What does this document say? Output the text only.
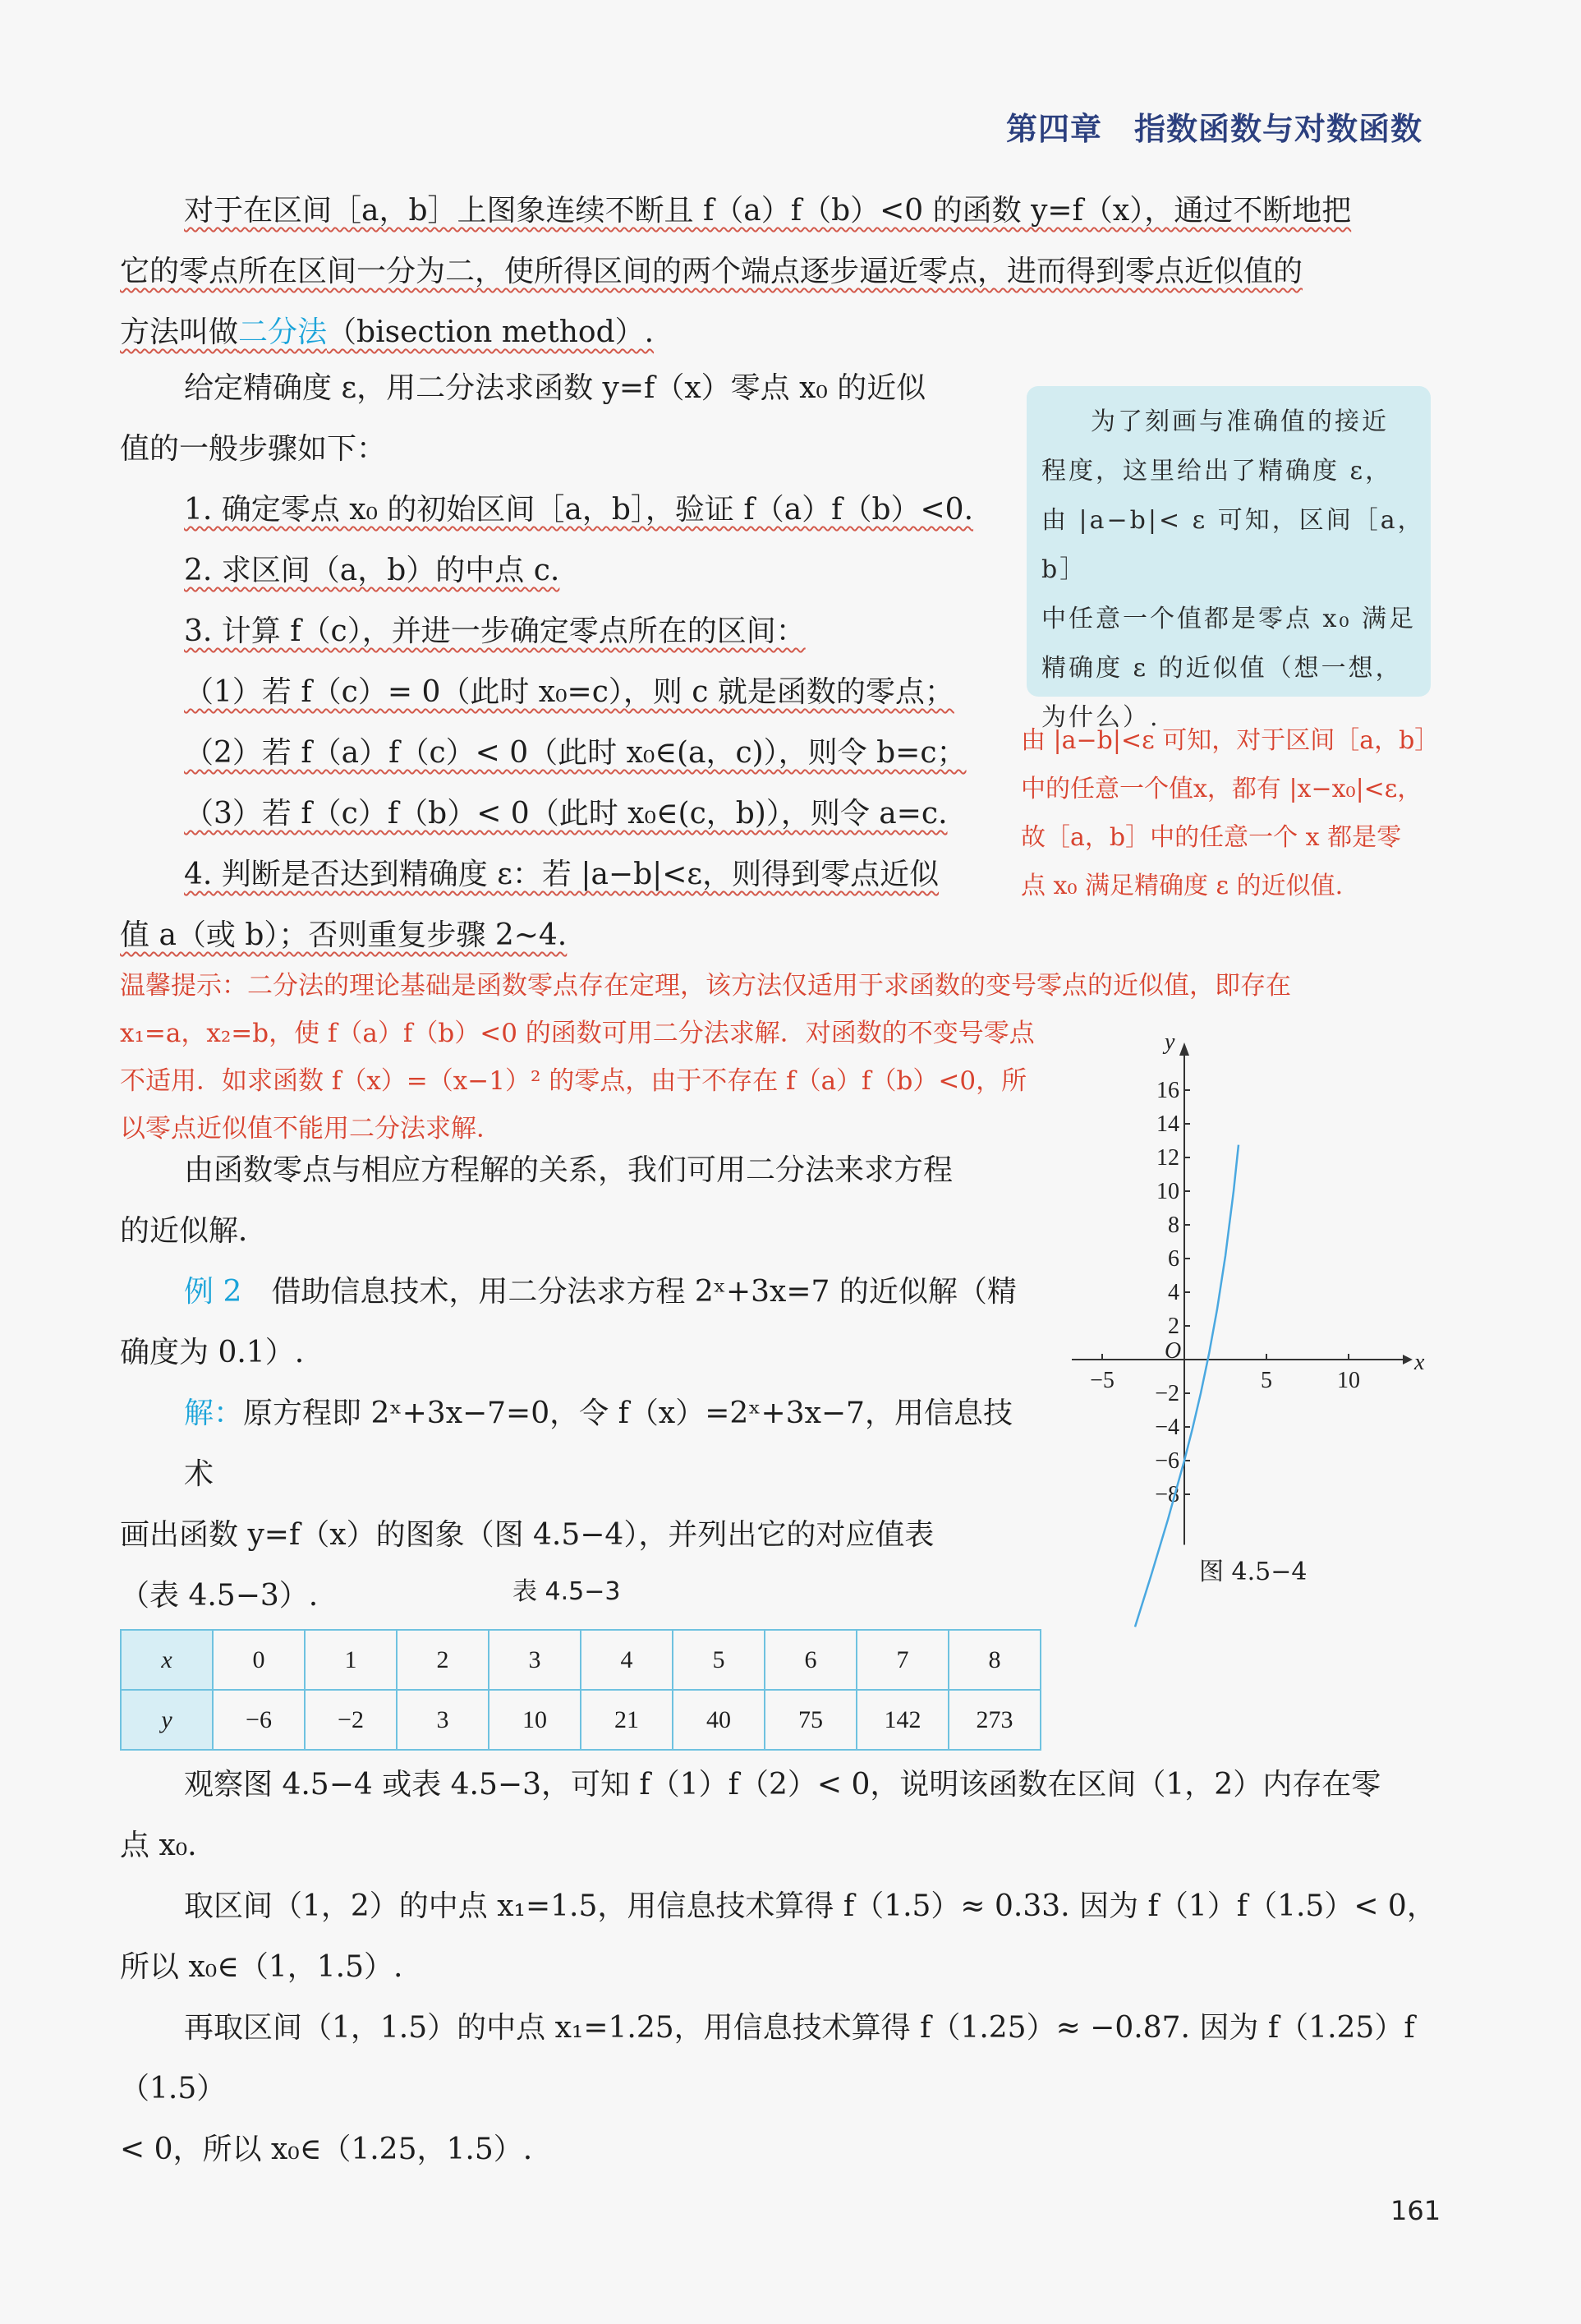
第四章　指数函数与对数函数
对于在区间［a，b］上图象连续不断且 f（a）f（b）<0 的函数 y=f（x），通过不断地把
它的零点所在区间一分为二，使所得区间的两个端点逐步逼近零点，进而得到零点近似值的
方法叫做二分法（bisection method）.
给定精确度 ε，用二分法求函数 y=f（x）零点 x₀ 的近似
值的一般步骤如下：
1. 确定零点 x₀ 的初始区间［a，b］，验证 f（a）f（b）<0.
2. 求区间（a，b）的中点 c.
3. 计算 f（c），并进一步确定零点所在的区间：
（1）若 f（c）= 0（此时 x₀=c），则 c 就是函数的零点；
（2）若 f（a）f（c）< 0（此时 x₀∈(a，c)），则令 b=c；
（3）若 f（c）f（b）< 0（此时 x₀∈(c，b)），则令 a=c.
4. 判断是否达到精确度 ε：若 |a−b|<ε，则得到零点近似
值 a（或 b）；否则重复步骤 2~4.
为了刻画与准确值的接近
程度，这里给出了精确度 ε，
由 |a−b|< ε 可知，区间［a，b］
中任意一个值都是零点 x₀ 满足
精确度 ε 的近似值（想一想，
为什么）.
由 |a−b|<ε 可知，对于区间［a，b］
中的任意一个值x，都有 |x−x₀|<ε，
故［a，b］中的任意一个 x 都是零
点 x₀ 满足精确度 ε 的近似值.
温馨提示：二分法的理论基础是函数零点存在定理，该方法仅适用于求函数的变号零点的近似值，即存在
x₁=a，x₂=b，使 f（a）f（b）<0 的函数可用二分法求解．对函数的不变号零点
不适用．如求函数 f（x）=（x−1）² 的零点，由于不存在 f（a）f（b）<0，所
以零点近似值不能用二分法求解．
由函数零点与相应方程解的关系，我们可用二分法来求方程
的近似解．
例 2　 借助信息技术，用二分法求方程 2ˣ+3x=7 的近似解（精
确度为 0.1）.
解：原方程即 2ˣ+3x−7=0，令 f（x）=2ˣ+3x−7，用信息技术
画出函数 y=f（x）的图象（图 4.5−4），并列出它的对应值表
（表 4.5−3）.
x
y
O
−5	5	10
2
4
6
8
10
12
14
16
−2
−4
−6
−8
图 4.5−4
表 4.5−3
x	0	1	2	3	4	5	6	7	8
y	−6	−2	3	10	21	40	75	142	273
观察图 4.5−4 或表 4.5−3，可知 f（1）f（2）< 0，说明该函数在区间（1，2）内存在零
点 x₀.
取区间（1，2）的中点 x₁=1.5，用信息技术算得 f（1.5）≈ 0.33. 因为 f（1）f（1.5）< 0，
所以 x₀∈（1，1.5）.
再取区间（1，1.5）的中点 x₁=1.25，用信息技术算得 f（1.25）≈ −0.87. 因为 f（1.25）f（1.5）
< 0，所以 x₀∈（1.25，1.5）.
161
